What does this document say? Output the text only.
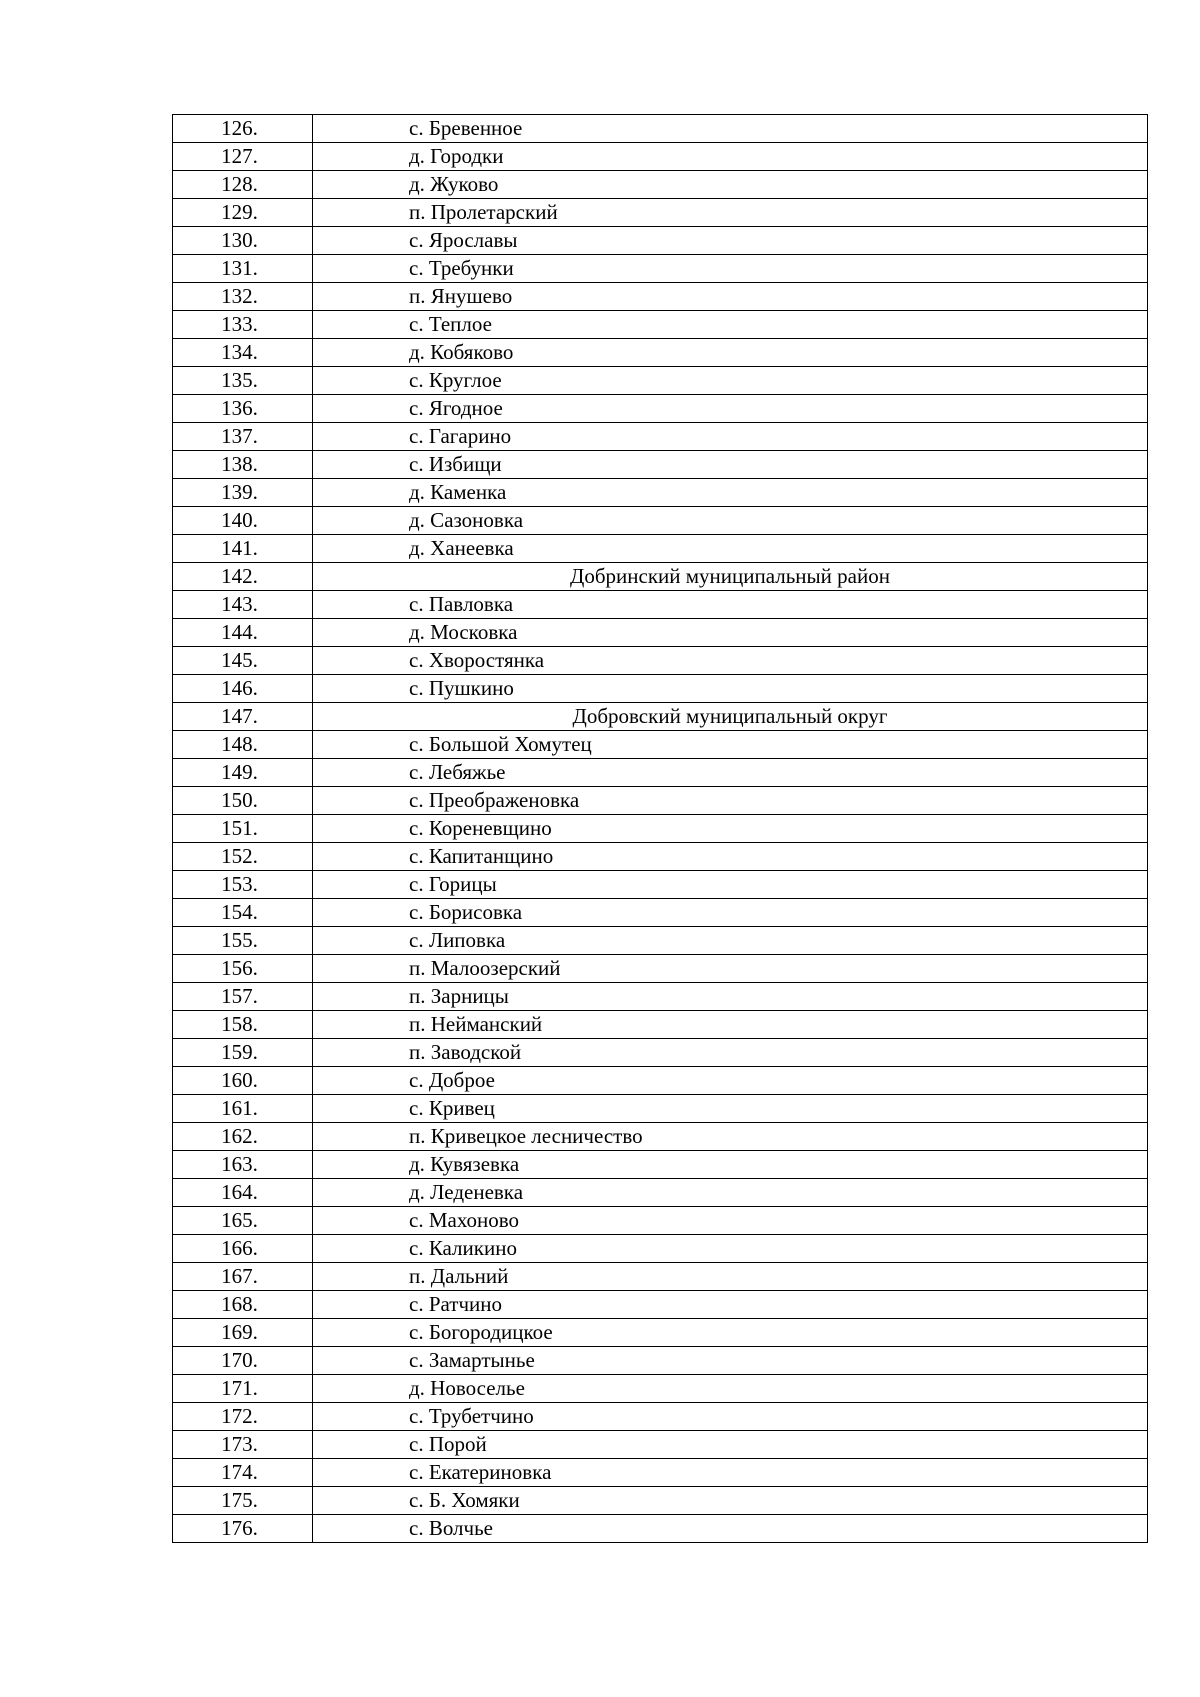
126.	с. Бревенное
127.	д. Городки
128.	д. Жуково
129.	п. Пролетарский
130.	с. Ярославы
131.	с. Требунки
132.	п. Янушево
133.	с. Теплое
134.	д. Кобяково
135.	с. Круглое
136.	с. Ягодное
137.	с. Гагарино
138.	с. Избищи
139.	д. Каменка
140.	д. Сазоновка
141.	д. Ханеевка
142.	Добринский муниципальный район
143.	с. Павловка
144.	д. Московка
145.	с. Хворостянка
146.	с. Пушкино
147.	Добровский муниципальный округ
148.	с. Большой Хомутец
149.	с. Лебяжье
150.	с. Преображеновка
151.	с. Кореневщино
152.	с. Капитанщино
153.	с. Горицы
154.	с. Борисовка
155.	с. Липовка
156.	п. Малоозерский
157.	п. Зарницы
158.	п. Нейманский
159.	п. Заводской
160.	с. Доброе
161.	с. Кривец
162.	п. Кривецкое лесничество
163.	д. Кувязевка
164.	д. Леденевка
165.	с. Махоново
166.	с. Каликино
167.	п. Дальний
168.	с. Ратчино
169.	с. Богородицкое
170.	с. Замартынье
171.	д. Новоселье
172.	с. Трубетчино
173.	с. Порой
174.	с. Екатериновка
175.	с. Б. Хомяки
176.	с. Волчье
